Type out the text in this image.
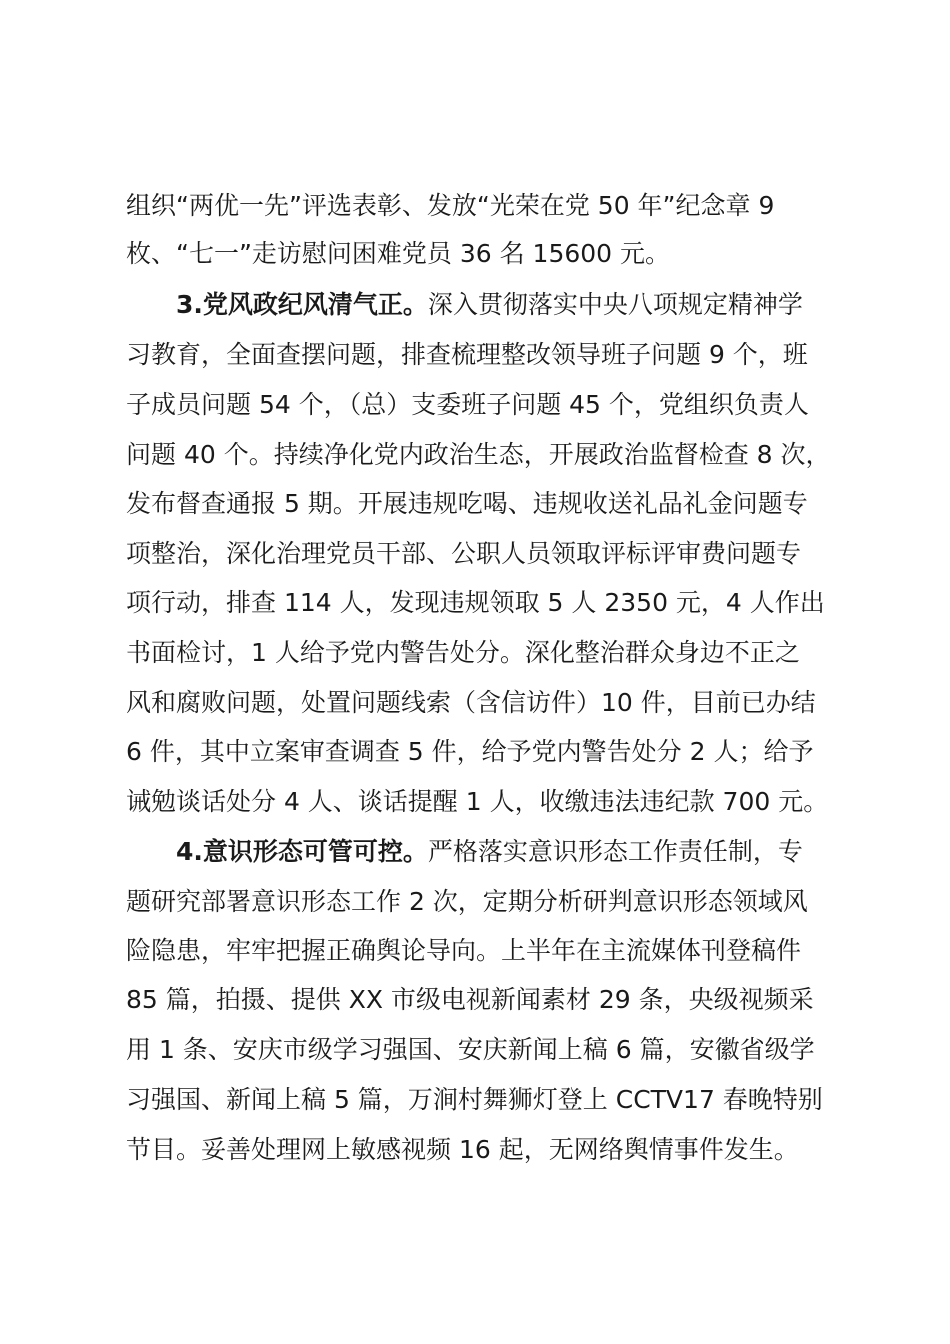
组织“两优一先”评选表彰、发放“光荣在党 50 年”纪念章 9
枚、“七一”走访慰问困难党员 36 名 15600 元。
3.党风政纪风清气正。深入贯彻落实中央八项规定精神学
习教育，全面查摆问题，排查梳理整改领导班子问题 9 个，班
子成员问题 54 个，（总）支委班子问题 45 个，党组织负责人
问题 40 个。持续净化党内政治生态，开展政治监督检查 8 次，
发布督查通报 5 期。开展违规吃喝、违规收送礼品礼金问题专
项整治，深化治理党员干部、公职人员领取评标评审费问题专
项行动，排查 114 人，发现违规领取 5 人 2350 元，4 人作出
书面检讨，1 人给予党内警告处分。深化整治群众身边不正之
风和腐败问题，处置问题线索（含信访件）10 件，目前已办结
6 件，其中立案审查调查 5 件，给予党内警告处分 2 人；给予
诫勉谈话处分 4 人、谈话提醒 1 人，收缴违法违纪款 700 元。
4.意识形态可管可控。严格落实意识形态工作责任制，专
题研究部署意识形态工作 2 次，定期分析研判意识形态领域风
险隐患，牢牢把握正确舆论导向。上半年在主流媒体刊登稿件
85 篇，拍摄、提供 XX 市级电视新闻素材 29 条，央级视频采
用 1 条、安庆市级学习强国、安庆新闻上稿 6 篇，安徽省级学
习强国、新闻上稿 5 篇，万涧村舞狮灯登上 CCTV17 春晚特别
节目。妥善处理网上敏感视频 16 起，无网络舆情事件发生。
